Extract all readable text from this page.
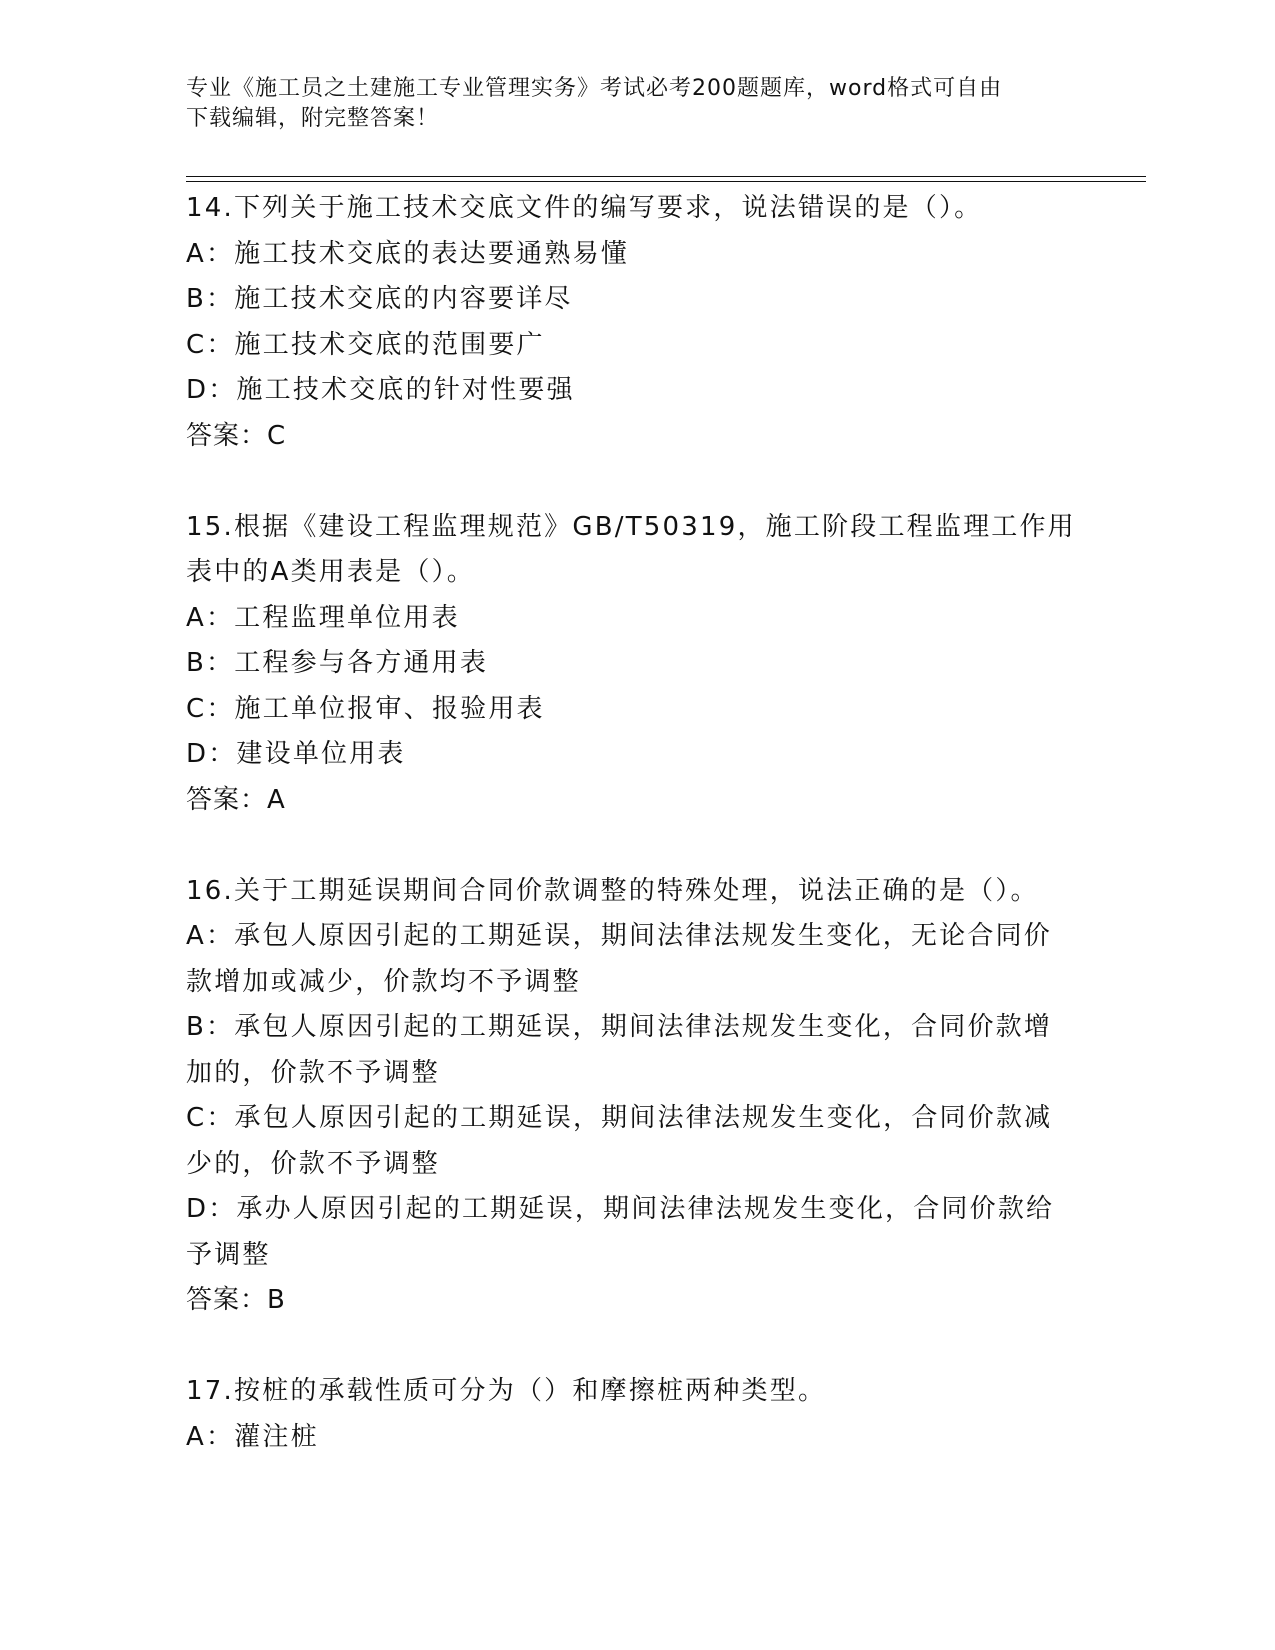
专业《施工员之土建施工专业管理实务》考试必考200题题库，word格式可自由
下载编辑，附完整答案！
14.下列关于施工技术交底文件的编写要求，说法错误的是（）。
A：施工技术交底的表达要通熟易懂
B：施工技术交底的内容要详尽
C：施工技术交底的范围要广
D：施工技术交底的针对性要强
答案：C
15.根据《建设工程监理规范》GB/T50319，施工阶段工程监理工作用
表中的A类用表是（）。
A：工程监理单位用表
B：工程参与各方通用表
C：施工单位报审、报验用表
D：建设单位用表
答案：A
16.关于工期延误期间合同价款调整的特殊处理，说法正确的是（）。
A：承包人原因引起的工期延误，期间法律法规发生变化，无论合同价
款增加或减少，价款均不予调整
B：承包人原因引起的工期延误，期间法律法规发生变化，合同价款增
加的，价款不予调整
C：承包人原因引起的工期延误，期间法律法规发生变化，合同价款减
少的，价款不予调整
D：承办人原因引起的工期延误，期间法律法规发生变化，合同价款给
予调整
答案：B
17.按桩的承载性质可分为（）和摩擦桩两种类型。
A：灌注桩
